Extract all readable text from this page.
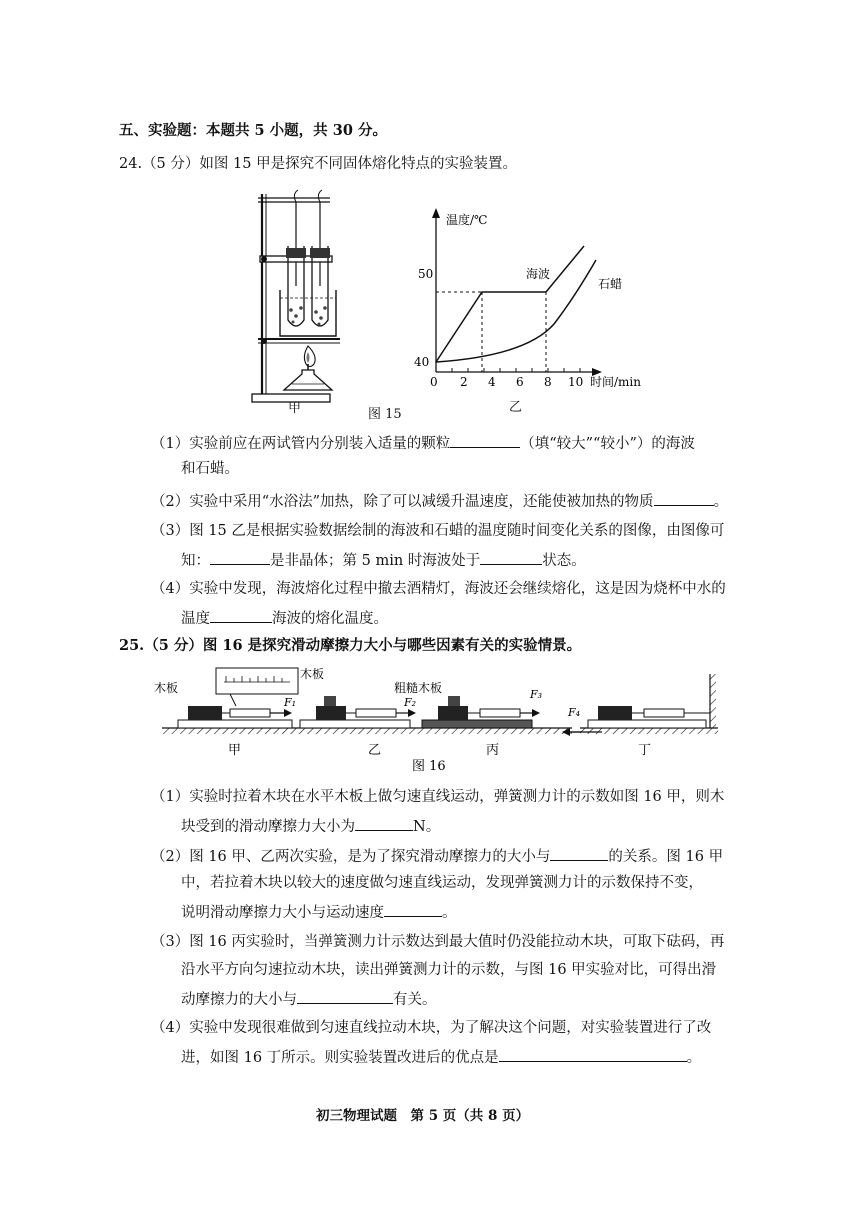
五、实验题：本题共 5 小题，共 30 分。
24.（5 分）如图 15 甲是探究不同固体熔化特点的实验装置。
甲	图 15
温度/℃
50
40
0 2 4 6 8 10 时间/min
海波
石蜡
乙
（1）实验前应在两试管内分别装入适量的颗粒	（填“较大”“较小”）的海波
和石蜡。
（2）实验中采用“水浴法”加热，除了可以减缓升温速度，还能使被加热的物质	。
（3）图 15 乙是根据实验数据绘制的海波和石蜡的温度随时间变化关系的图像，由图像可
知：	是非晶体；第 5 min 时海波处于	状态。
（4）实验中发现，海波熔化过程中撤去酒精灯，海波还会继续熔化，这是因为烧杯中水的
温度	海波的熔化温度。
25.（5 分）图 16 是探究滑动摩擦力大小与哪些因素有关的实验情景。
木板
木板
粗糙木板
F₁	F₂
F₃
F₄
甲	乙	丙	丁
图 16
（1）实验时拉着木块在水平木板上做匀速直线运动，弹簧测力计的示数如图 16 甲，则木
块受到的滑动摩擦力大小为	N。
（2）图 16 甲、乙两次实验，是为了探究滑动摩擦力的大小与	的关系。图 16 甲
中，若拉着木块以较大的速度做匀速直线运动，发现弹簧测力计的示数保持不变，
说明滑动摩擦力大小与运动速度	。
（3）图 16 丙实验时，当弹簧测力计示数达到最大值时仍没能拉动木块，可取下砝码，再
沿水平方向匀速拉动木块，读出弹簧测力计的示数，与图 16 甲实验对比，可得出滑
动摩擦力的大小与	有关。
（4）实验中发现很难做到匀速直线拉动木块，为了解决这个问题，对实验装置进行了改
进，如图 16 丁所示。则实验装置改进后的优点是	。
初三物理试题　第 5 页（共 8 页）
